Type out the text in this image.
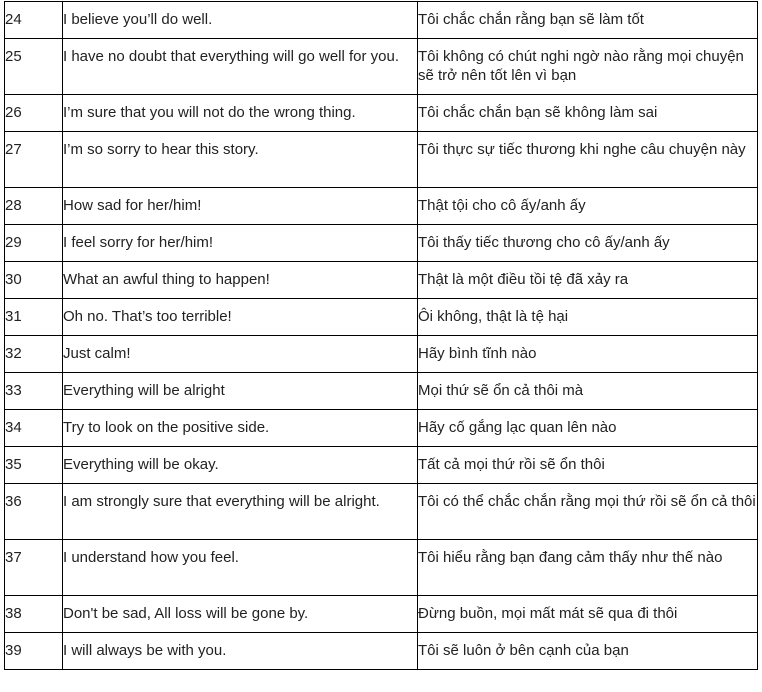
24	I believe you’ll do well.	Tôi chắc chắn rằng bạn sẽ làm tốt
25	I have no doubt that everything will go well for you.	Tôi không có chút nghi ngờ nào rằng mọi chuyện sẽ trở nên tốt lên vì bạn
26	I’m sure that you will not do the wrong thing.	Tôi chắc chắn bạn sẽ không làm sai
27	I’m so sorry to hear this story.	Tôi thực sự tiếc thương khi nghe câu chuyện này
28	How sad for her/him!	Thật tội cho cô ấy/anh ấy
29	I feel sorry for her/him!	Tôi thấy tiếc thương cho cô ấy/anh ấy
30	What an awful thing to happen!	Thật là một điều tồi tệ đã xảy ra
31	Oh no. That’s too terrible!	Ôi không, thật là tệ hại
32	Just calm!	Hãy bình tĩnh nào
33	Everything will be alright	Mọi thứ sẽ ổn cả thôi mà
34	Try to look on the positive side.	Hãy cố gắng lạc quan lên nào
35	Everything will be okay.	Tất cả mọi thứ rồi sẽ ổn thôi
36	I am strongly sure that everything will be alright.	Tôi có thể chắc chắn rằng mọi thứ rồi sẽ ổn cả thôi
37	I understand how you feel.	Tôi hiểu rằng bạn đang cảm thấy như thế nào
38	Don't be sad, All loss will be gone by.	Đừng buồn, mọi mất mát sẽ qua đi thôi
39	I will always be with you.	Tôi sẽ luôn ở bên cạnh của bạn
